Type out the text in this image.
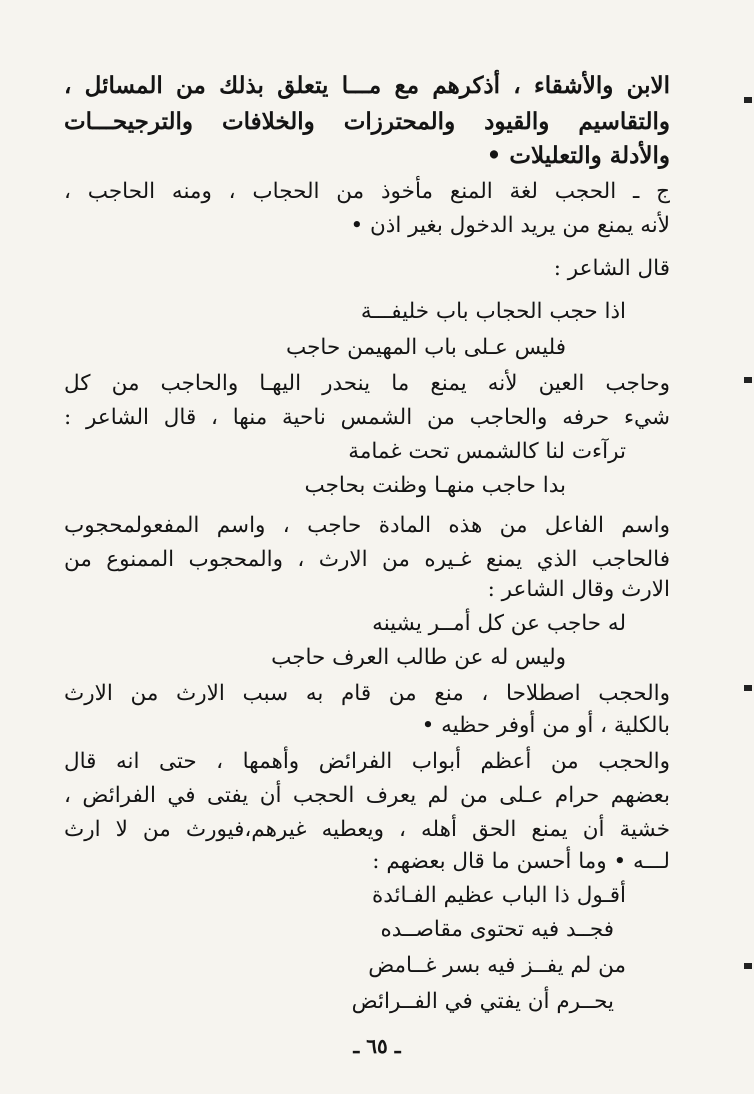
الابن والأشقاء ، أذكرهم مع مـــا يتعلق بذلك من المسائل ،
والتقاسيم والقيود والمحترزات والخلافات والترجيحـــات
والأدلة والتعليلات •
ج ـ الحجب لغة المنع مأخوذ من الحجاب ، ومنه الحاجب ،
لأنه يمنع من يريد الدخول بغير اذن •
قال الشاعر :
اذا حجب الحجاب باب خليفـــة
فليس عـلى باب المهيمن حاجب
وحاجب العين لأنه يمنع ما ينحدر اليهـا والحاجب من كل
شيء حرفه والحاجب من الشمس ناحية منها ، قال الشاعر :
ترآءت لنا كالشمس تحت غمامة
بدا حاجب منهـا وظنت بحاجب
واسم الفاعل من هذه المادة حاجب ، واسم المفعولمحجوب
فالحاجب الذي يمنع غـيره من الارث ، والمحجوب الممنوع من
الارث وقال الشاعر :
له حاجب عن كل أمــر يشينه
وليس له عن طالب العرف حاجب
والحجب اصطلاحا ، منع من قام به سبب الارث من الارث
بالكلية ، أو من أوفر حظيه •
والحجب من أعظم أبواب الفرائض وأهمها ، حتى انه قال
بعضهم حرام عـلى من لم يعرف الحجب أن يفتى في الفرائض ،
خشية أن يمنع الحق أهله ، ويعطيه غيرهم،فيورث من لا ارث
لـــه • وما أحسن ما قال بعضهم :
أقـول ذا الباب عظيم الفـائدة
فجــد فيه تحتوى مقاصــده
من لم يفــز فيه بسر غــامض
يحــرم أن يفتي في الفــرائض
ـ ٦٥ ـ
